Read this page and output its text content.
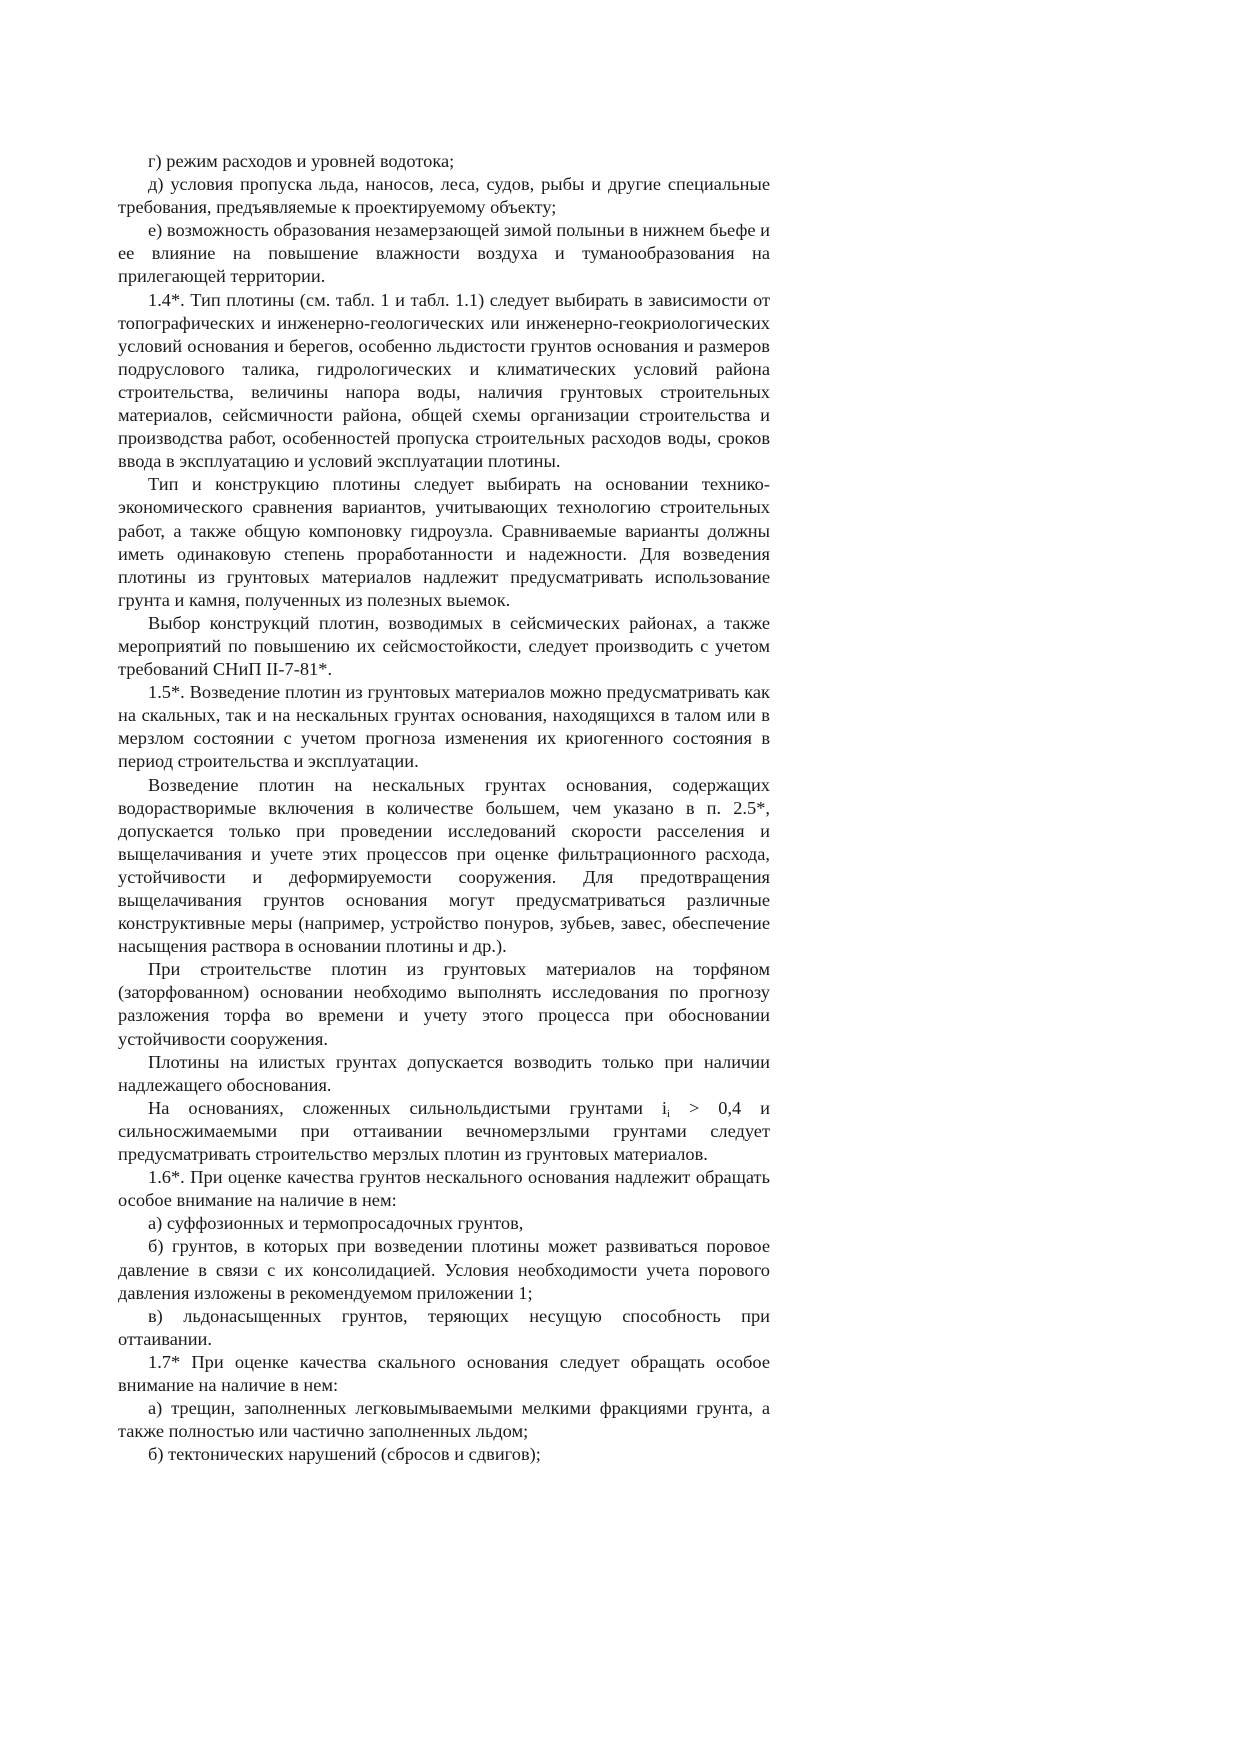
г) режим расходов и уровней водотока;

д) условия пропуска льда, наносов, леса, судов, рыбы и другие специальные требования, предъявляемые к проектируемому объекту;

е) возможность образования незамерзающей зимой полыньи в нижнем бьефе и ее влияние на повышение влажности воздуха и туманообразования на прилегающей территории.

1.4*. Тип плотины (см. табл. 1 и табл. 1.1) следует выбирать в зависимости от топографических и инженерно-геологических или инженерно-геокриологических условий основания и берегов, особенно льдистости грунтов основания и размеров подруслового талика, гидрологических и климатических условий района строительства, величины напора воды, наличия грунтовых строительных материалов, сейсмичности района, общей схемы организации строительства и производства работ, особенностей пропуска строительных расходов воды, сроков ввода в эксплуатацию и условий эксплуатации плотины.

Тип и конструкцию плотины следует выбирать на основании технико-экономического сравнения вариантов, учитывающих технологию строительных работ, а также общую компоновку гидроузла. Сравниваемые варианты должны иметь одинаковую степень проработанности и надежности. Для возведения плотины из грунтовых материалов надлежит предусматривать использование грунта и камня, полученных из полезных выемок.

Выбор конструкций плотин, возводимых в сейсмических районах, а также мероприятий по повышению их сейсмостойкости, следует производить с учетом требований СНиП II-7-81*.

1.5*. Возведение плотин из грунтовых материалов можно предусматривать как на скальных, так и на нескальных грунтах основания, находящихся в талом или в мерзлом состоянии с учетом прогноза изменения их криогенного состояния в период строительства и эксплуатации.

Возведение плотин на нескальных грунтах основания, содержащих водорастворимые включения в количестве большем, чем указано в п. 2.5*, допускается только при проведении исследований скорости расселения и выщелачивания и учете этих процессов при оценке фильтрационного расхода, устойчивости и деформируемости сооружения. Для предотвращения выщелачивания грунтов основания могут предусматриваться различные конструктивные меры (например, устройство понуров, зубьев, завес, обеспечение насыщения раствора в основании плотины и др.).

При строительстве плотин из грунтовых материалов на торфяном (заторфованном) основании необходимо выполнять исследования по прогнозу разложения торфа во времени и учету этого процесса при обосновании устойчивости сооружения.

Плотины на илистых грунтах допускается возводить только при наличии надлежащего обоснования.

На основаниях, сложенных сильнольдистыми грунтами $i_i > 0,4$ и сильносжимаемыми при оттаивании вечномерзлыми грунтами следует предусматривать строительство мерзлых плотин из грунтовых материалов.

1.6*. При оценке качества грунтов нескального основания надлежит обращать особое внимание на наличие в нем:

а) суффозионных и термопросадочных грунтов,

б) грунтов, в которых при возведении плотины может развиваться поровое давление в связи с их консолидацией. Условия необходимости учета порового давления изложены в рекомендуемом приложении 1;

в) льдонасыщенных грунтов, теряющих несущую способность при оттаивании.

1.7* При оценке качества скального основания следует обращать особое внимание на наличие в нем:

а) трещин, заполненных легковымываемыми мелкими фракциями грунта, а также полностью или частично заполненных льдом;

б) тектонических нарушений (сбросов и сдвигов);
